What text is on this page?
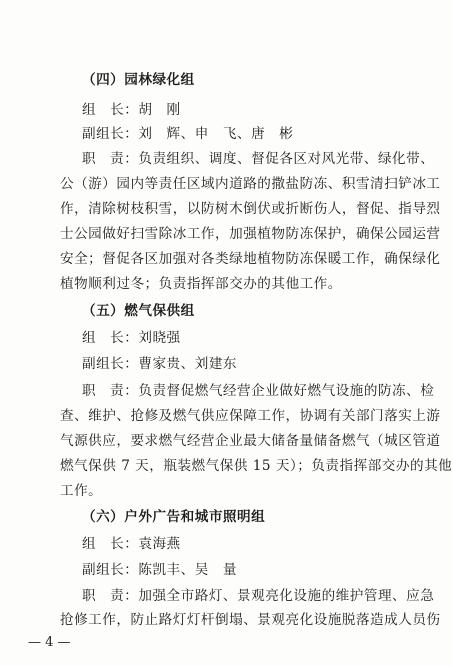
（四）园林绿化组
组　长：胡　刚
副组长：刘　辉、申　飞、唐　彬
职　责：负责组织、调度、督促各区对风光带、绿化带、
公（游）园内等责任区域内道路的撒盐防冻、积雪清扫铲冰工
作，清除树枝积雪，以防树木倒伏或折断伤人，督促、指导烈
士公园做好扫雪除冰工作，加强植物防冻保护，确保公园运营
安全；督促各区加强对各类绿地植物防冻保暖工作，确保绿化
植物顺利过冬；负责指挥部交办的其他工作。
（五）燃气保供组
组　长：刘晓强
副组长：曹家贵、刘建东
职　责：负责督促燃气经营企业做好燃气设施的防冻、检
查、维护、抢修及燃气供应保障工作，协调有关部门落实上游
气源供应，要求燃气经营企业最大储备量储备燃气（城区管道
燃气保供 7 天，瓶装燃气保供 15 天）；负责指挥部交办的其他
工作。
（六）户外广告和城市照明组
组　长：袁海燕
副组长：陈凯丰、吴　量
职　责：加强全市路灯、景观亮化设施的维护管理、应急
抢修工作，防止路灯灯杆倒塌、景观亮化设施脱落造成人员伤
— 4 —
